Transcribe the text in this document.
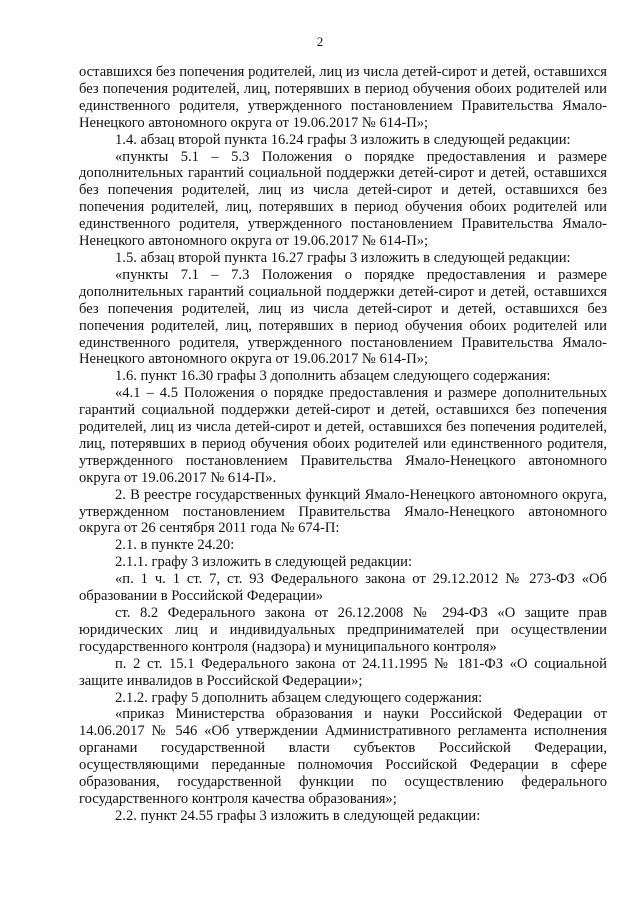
2

оставшихся без попечения родителей, лиц из числа детей-сирот и детей, оставшихся без попечения родителей, лиц, потерявших в период обучения обоих родителей или единственного родителя, утвержденного постановлением Правительства Ямало-Ненецкого автономного округа от 19.06.2017 № 614-П»;

1.4. абзац второй пункта 16.24 графы 3 изложить в следующей редакции:

«пункты 5.1 – 5.3 Положения о порядке предоставления и размере дополнительных гарантий социальной поддержки детей-сирот и детей, оставшихся без попечения родителей, лиц из числа детей-сирот и детей, оставшихся без попечения родителей, лиц, потерявших в период обучения обоих родителей или единственного родителя, утвержденного постановлением Правительства Ямало-Ненецкого автономного округа от 19.06.2017 № 614-П»;

1.5. абзац второй пункта 16.27 графы 3 изложить в следующей редакции:

«пункты 7.1 – 7.3 Положения о порядке предоставления и размере дополнительных гарантий социальной поддержки детей-сирот и детей, оставшихся без попечения родителей, лиц из числа детей-сирот и детей, оставшихся без попечения родителей, лиц, потерявших в период обучения обоих родителей или единственного родителя, утвержденного постановлением Правительства Ямало-Ненецкого автономного округа от 19.06.2017 № 614-П»;

1.6. пункт 16.30 графы 3 дополнить абзацем следующего содержания:

«4.1 – 4.5 Положения о порядке предоставления и размере дополнительных гарантий социальной поддержки детей-сирот и детей, оставшихся без попечения родителей, лиц из числа детей-сирот и детей, оставшихся без попечения родителей, лиц, потерявших в период обучения обоих родителей или единственного родителя, утвержденного постановлением Правительства Ямало-Ненецкого автономного округа от 19.06.2017 № 614-П».

2. В реестре государственных функций Ямало-Ненецкого автономного округа, утвержденном постановлением Правительства Ямало-Ненецкого автономного округа от 26 сентября 2011 года № 674-П:

2.1. в пункте 24.20:

2.1.1. графу 3 изложить в следующей редакции:

«п. 1 ч. 1 ст. 7, ст. 93 Федерального закона от 29.12.2012 № 273-ФЗ «Об образовании в Российской Федерации»

ст. 8.2 Федерального закона от 26.12.2008 № 294-ФЗ «О защите прав юридических лиц и индивидуальных предпринимателей при осуществлении государственного контроля (надзора) и муниципального контроля»

п. 2 ст. 15.1 Федерального закона от 24.11.1995 № 181-ФЗ «О социальной защите инвалидов в Российской Федерации»;

2.1.2. графу 5 дополнить абзацем следующего содержания:

«приказ Министерства образования и науки Российской Федерации от 14.06.2017 № 546 «Об утверждении Административного регламента исполнения органами государственной власти субъектов Российской Федерации, осуществляющими переданные полномочия Российской Федерации в сфере образования, государственной функции по осуществлению федерального государственного контроля качества образования»;

2.2. пункт 24.55 графы 3 изложить в следующей редакции:
